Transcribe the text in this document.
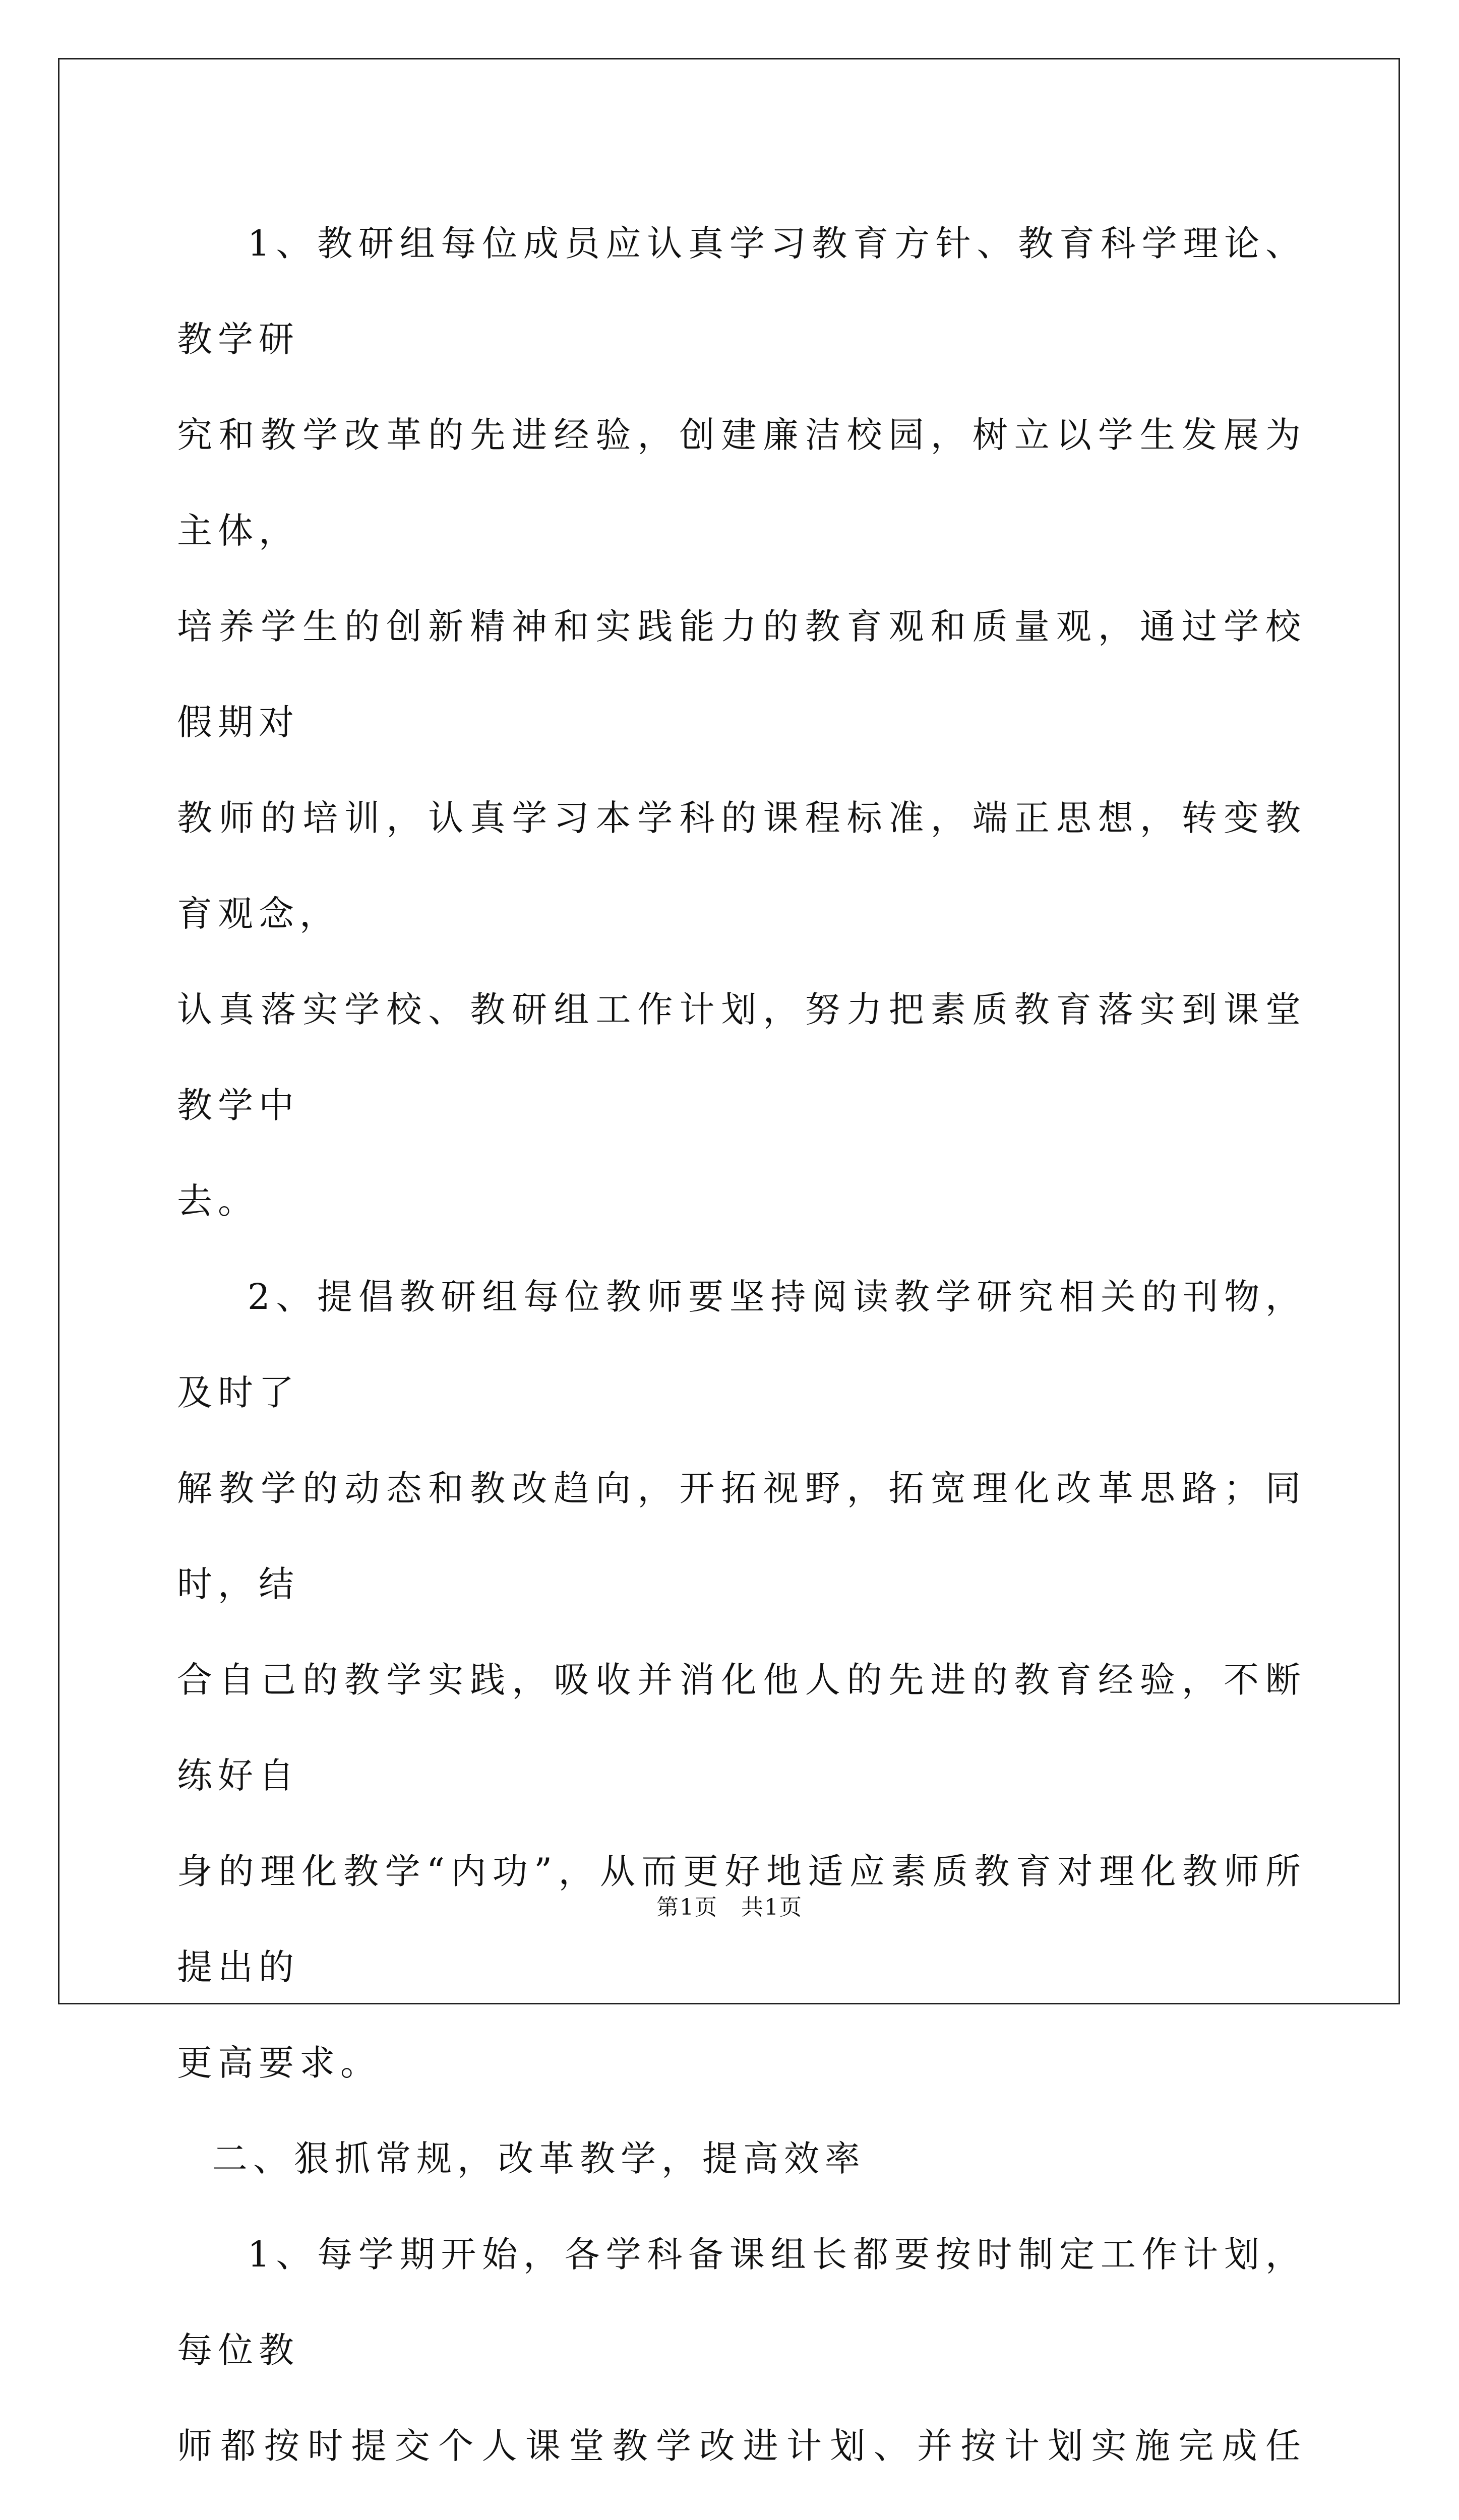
1、教研组每位成员应认真学习教育方针、教育科学理论、教学研
究和教学改革的先进经验，创建廉洁校园，树立以学生发展为主体，
培养学生的创新精神和实践能力的教育观和质量观，通过学校假期对
教师的培训，认真学习本学科的课程标准，端正思想，转变教育观念，
认真落实学校、教研组工作计划，努力把素质教育落实到课堂教学中
去。

2、提倡教研组每位教师要坚持阅读教学研究相关的刊物，及时了
解教学的动态和教改趋向，开拓视野，拓宽理化改革思路；同时，结
合自己的教学实践，吸收并消化他人的先进的教育经验，不断练好自
身的理化教学“内功”，从而更好地适应素质教育对理化教师所提出的
更高要求。

二、狠抓常规，改革教学，提高效率

1、每学期开始，各学科备课组长都要按时制定工作计划，每位教
师都按时提交个人课堂教学改进计划、并按计划实施完成任

第1页　共1页
